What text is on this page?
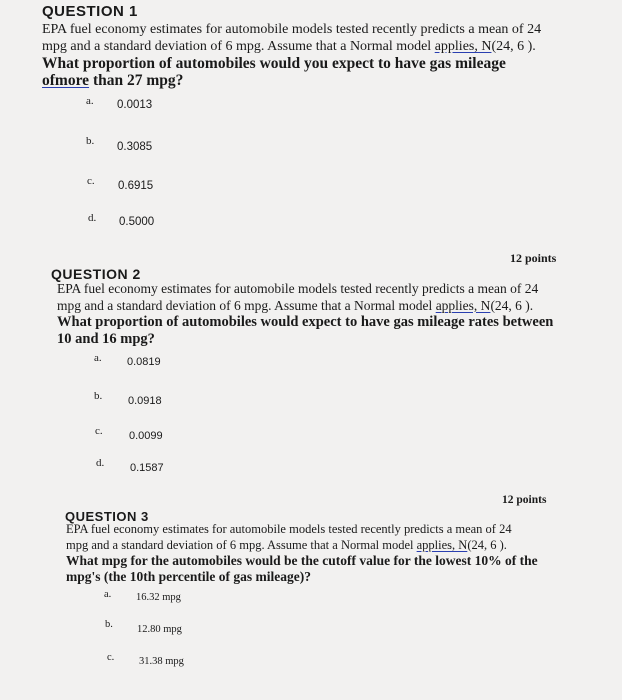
QUESTION 1
EPA fuel economy estimates for automobile models tested recently predicts a mean of 24
mpg and a standard deviation of 6 mpg. Assume that a Normal model applies, N(24, 6 ).
What proportion of automobiles would you expect to have gas mileage
ofmore than 27 mpg?
a. 0.0013
b. 0.3085
c. 0.6915
d. 0.5000
12 points
QUESTION 2
EPA fuel economy estimates for automobile models tested recently predicts a mean of 24
mpg and a standard deviation of 6 mpg. Assume that a Normal model applies, N(24, 6 ).
What proportion of automobiles would expect to have gas mileage rates between
10 and 16 mpg?
a. 0.0819
b. 0.0918
c. 0.0099
d. 0.1587
12 points
QUESTION 3
EPA fuel economy estimates for automobile models tested recently predicts a mean of 24
mpg and a standard deviation of 6 mpg. Assume that a Normal model applies, N(24, 6 ).
What mpg for the automobiles would be the cutoff value for the lowest 10% of the
mpg's (the 10th percentile of gas mileage)?
a. 16.32 mpg
b. 12.80 mpg
c. 31.38 mpg
